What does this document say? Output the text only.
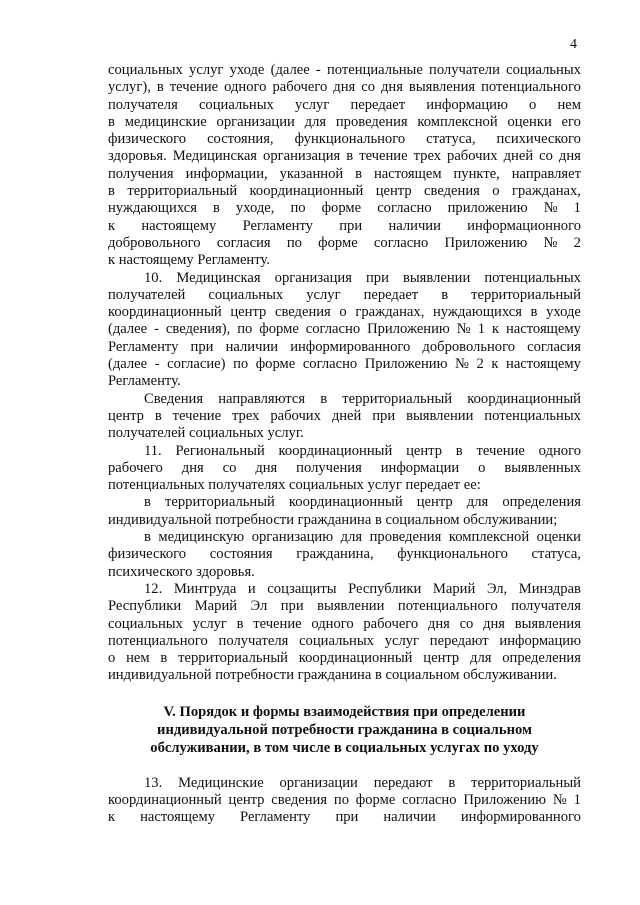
4
социальных услуг уходе (далее - потенциальные получатели социальных
услуг), в течение одного рабочего дня со дня выявления потенциального
получателя социальных услуг передает информацию о нем
в медицинские организации для проведения комплексной оценки его
физического состояния, функционального статуса, психического
здоровья. Медицинская организация в течение трех рабочих дней со дня
получения информации, указанной в настоящем пункте, направляет
в территориальный координационный центр сведения о гражданах,
нуждающихся в уходе, по форме согласно приложению № 1
к настоящему Регламенту при наличии информационного
добровольного согласия по форме согласно Приложению № 2
к настоящему Регламенту.
10. Медицинская организация при выявлении потенциальных
получателей социальных услуг передает в территориальный
координационный центр сведения о гражданах, нуждающихся в уходе
(далее - сведения), по форме согласно Приложению № 1 к настоящему
Регламенту при наличии информированного добровольного согласия
(далее - согласие) по форме согласно Приложению № 2 к настоящему
Регламенту.
Сведения направляются в территориальный координационный
центр в течение трех рабочих дней при выявлении потенциальных
получателей социальных услуг.
11. Региональный координационный центр в течение одного
рабочего дня со дня получения информации о выявленных
потенциальных получателях социальных услуг передает ее:
в территориальный координационный центр для определения
индивидуальной потребности гражданина в социальном обслуживании;
в медицинскую организацию для проведения комплексной оценки
физического состояния гражданина, функционального статуса,
психического здоровья.
12. Минтруда и соцзащиты Республики Марий Эл, Минздрав
Республики Марий Эл при выявлении потенциального получателя
социальных услуг в течение одного рабочего дня со дня выявления
потенциального получателя социальных услуг передают информацию
о нем в территориальный координационный центр для определения
индивидуальной потребности гражданина в социальном обслуживании.
V. Порядок и формы взаимодействия при определении
индивидуальной потребности гражданина в социальном
обслуживании, в том числе в социальных услугах по уходу
13. Медицинские организации передают в территориальный
координационный центр сведения по форме согласно Приложению № 1
к настоящему Регламенту при наличии информированного
